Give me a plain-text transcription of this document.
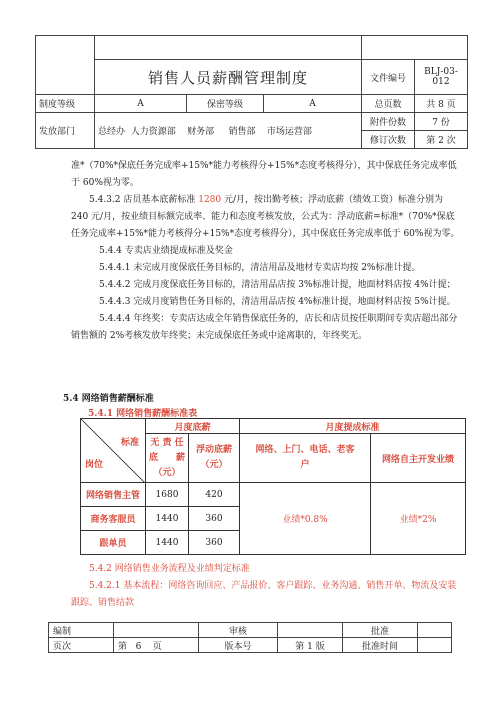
	销售人员薪酬管理制度			文件编号	BLJ-03-012
制度等级	A	保密等级	A	总页数	共 8 页
发放部门	总经办  人力资源部    财务部     销售部    市场运营部			附件份数	7 份
				修订次数	第 2 次

准*（70%*保底任务完成率+15%*能力考核得分+15%*态度考核得分），其中保底任务完成率低于 60%视为零。

5.4.3.2 店员基本底薪标准 1280 元/月，按出勤考核；浮动底薪（绩效工资）标准分别为 240 元/月，按业绩目标额完成率、能力和态度考核发放，公式为：浮动底薪=标准*（70%*保底任务完成率+15%*能力考核得分+15%*态度考核得分），其中保底任务完成率低于 60%视为零。

5.4.4 专卖店业绩提成标准及奖金

5.4.4.1 未完成月度保底任务目标的，清洁用品及地材专卖店均按 2%标准计提。

5.4.4.2 完成月度保底任务目标的，清洁用品店按 3%标准计提，地面材料店按 4%计提；

5.4.4.3 完成月度销售任务目标的，清洁用品店按 4%标准计提，地面材料店按 5%计提。

5.4.4.4 年终奖：专卖店达成全年销售保底任务的，店长和店员按任职期间专卖店超出部分销售额的 2%考核发放年终奖；未完成保底任务或中途离职的，年终奖无。

5.4 网络销售薪酬标准
5.4.1 网络销售薪酬标准表
标准
岗位	月度底薪		月度提成标准	
	无 责 任 底　　薪 （元）	浮动底薪 （元）	网络、上门、电话、老客户	网络自主开发业绩
网络销售主管	1680	420	业绩*0.8%	业绩*2%
商务客服员	1440	360		
跟单员	1440	360		

5.4.2 网络销售业务流程及业绩判定标准

5.4.2.1 基本流程：网络咨询回应、产品报价、客户跟踪、业务沟通、销售开单、物流及安装跟踪、销售结款

编制		审核		批准	
页次	第   6    页	版本号	第 1 版	批准时间	
